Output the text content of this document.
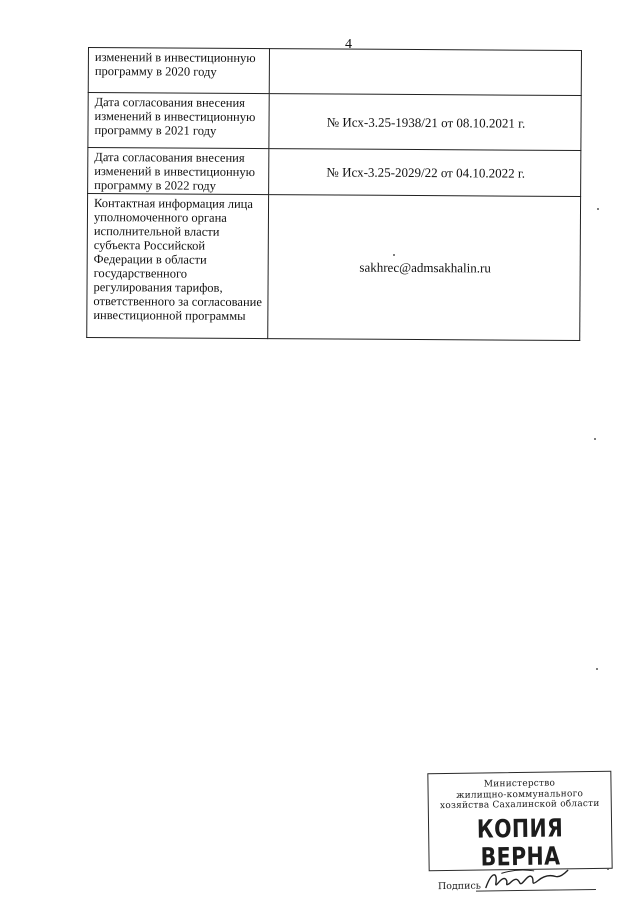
4
изменений в инвестиционную программу в 2020 году	
Дата согласования внесения изменений в инвестиционную программу в 2021 году	№ Исх-3.25-1938/21 от 08.10.2021 г.
Дата согласования внесения изменений в инвестиционную программу в 2022 году	№ Исх-3.25-2029/22 от 04.10.2022 г.
Контактная информация лица уполномоченного органа исполнительной власти субъекта Российской Федерации в области государственного регулирования тарифов, ответственного за согласование инвестиционной программы	sakhrec@admsakhalin.ru
Министерство
жилищно-коммунального
хозяйства Сахалинской области
КОПИЯ ВЕРНА
Подпись
